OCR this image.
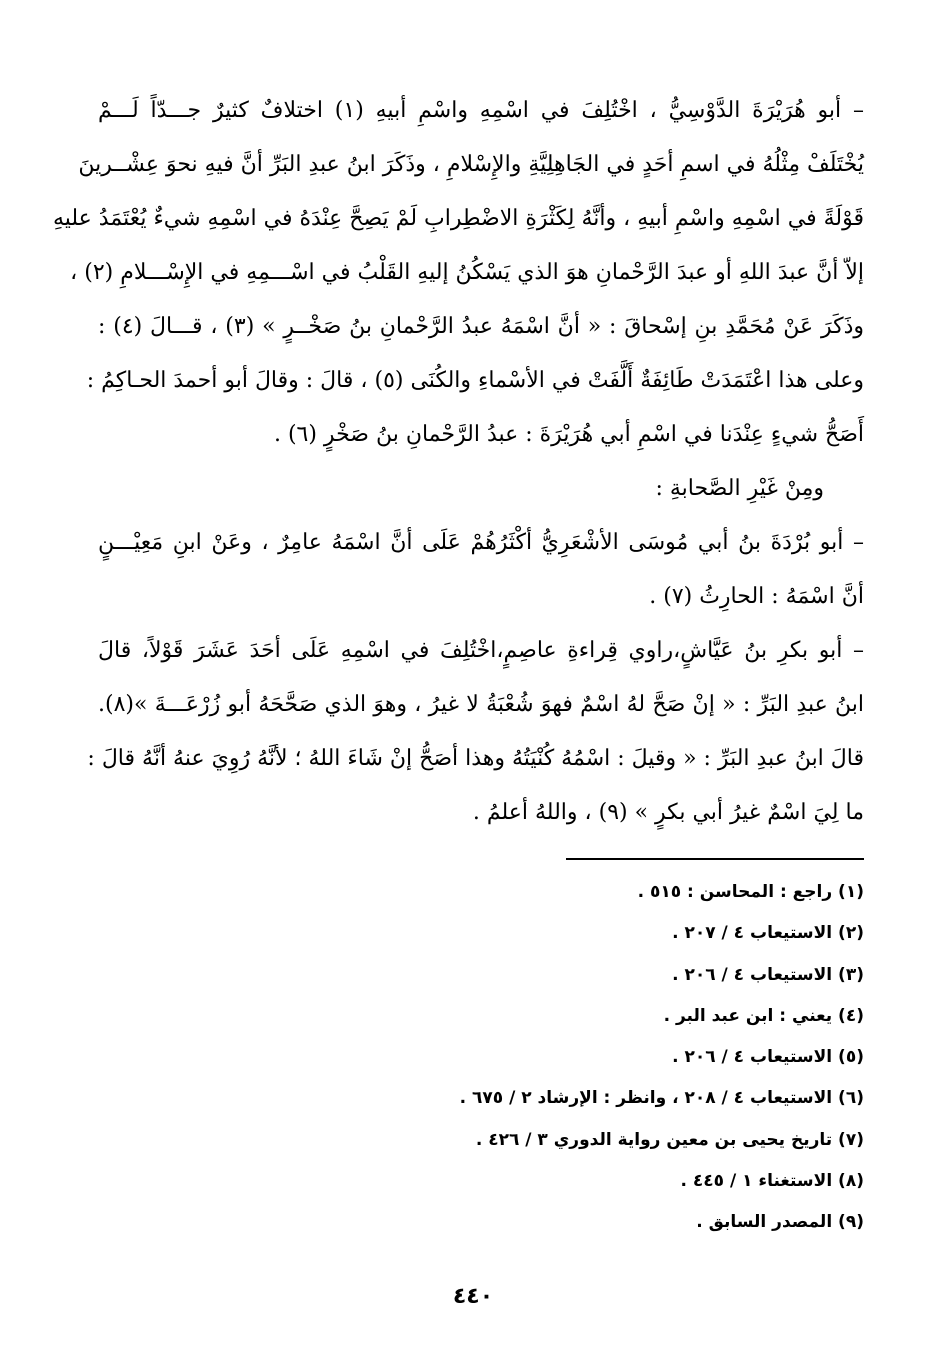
– أبو هُرَيْرَةَ الدَّوْسِيُّ ، اخْتُلِفَ في اسْمِهِ واسْمِ أبيهِ (١) اختلافٌ كثيرٌ جـــدّاً لَـــمْ
يُخْتَلَفْ مِثْلُهُ في اسمِ أحَدٍ في الجَاهِلِيَّةِ والإِسْلامِ ، وذَكَرَ ابنُ عبدِ البَرِّ أنَّ فيهِ نحوَ عِشْــرينَ
قَوْلَةً في اسْمِهِ واسْمِ أبيهِ ، وأنَّهُ لِكَثْرَةِ الاضْطِرابِ لَمْ يَصِحَّ عِنْدَهُ في اسْمِهِ شيءٌ يُعْتَمَدُ عليهِ
إلاّ أنَّ عبدَ اللهِ أو عبدَ الرَّحْمانِ هوَ الذي يَسْكُنُ إليهِ القَلْبُ في اسْـــمِهِ في الإِسْـــلامِ (٢) ،
وذَكَرَ عَنْ مُحَمَّدِ بنِ إسْحاقَ : « أنَّ اسْمَهُ عبدُ الرَّحْمانِ بنُ صَخْــرٍ » (٣) ، قـــالَ (٤) :
وعلى هذا اعْتَمَدَتْ طَائِفَةٌ أَلَّفَتْ في الأسْماءِ والكُنَى (٥) ، قالَ : وقالَ أبو أحمدَ الحـاكِمُ :
أَصَحُّ شيءٍ عِنْدَنا في اسْمِ أبي هُرَيْرَةَ : عبدُ الرَّحْمانِ بنُ صَخْرٍ (٦) .
ومِنْ غَيْرِ الصَّحابةِ :
– أبو بُرْدَةَ بنُ أبي مُوسَى الأشْعَرِيُّ أكْثَرُهُمْ عَلَى أنَّ اسْمَهُ عامِرٌ ، وعَنْ ابنِ مَعِيْـــنٍ
أنَّ اسْمَهُ : الحارِثُ (٧) .
– أبو بكرِ بنُ عَيَّاشٍ،راوي قِراءةِ عاصِمٍ،اخْتُلِفَ في اسْمِهِ عَلَى أحَدَ عَشَرَ قَوْلاً، قالَ
ابنُ عبدِ البَرِّ : « إنْ صَحَّ لهُ اسْمٌ فهوَ شُعْبَةُ لا غيرُ ، وهوَ الذي صَحَّحَهُ أبو زُرْعَـــةَ »(٨).
قالَ ابنُ عبدِ البَرِّ : « وقيلَ : اسْمُهُ كُنْيَتُهُ وهذا أصَحُّ إنْ شَاءَ اللهُ ؛ لأنَّهُ رُوِيَ عنهُ أنَّهُ قالَ :
ما لِيَ اسْمٌ غيرُ أبي بكرٍ » (٩) ، واللهُ أعلمُ .
(١) راجع : المحاسن : ٥١٥ .
(٢) الاستيعاب ٤ / ٢٠٧ .
(٣) الاستيعاب ٤ / ٢٠٦ .
(٤) يعني : ابن عبد البر .
(٥) الاستيعاب ٤ / ٢٠٦ .
(٦) الاستيعاب ٤ / ٢٠٨ ، وانظر : الإرشاد ٢ / ٦٧٥ .
(٧) تاريخ يحيى بن معين رواية الدوري ٣ / ٤٢٦ .
(٨) الاستغناء ١ / ٤٤٥ .
(٩) المصدر السابق .
٤٤٠
